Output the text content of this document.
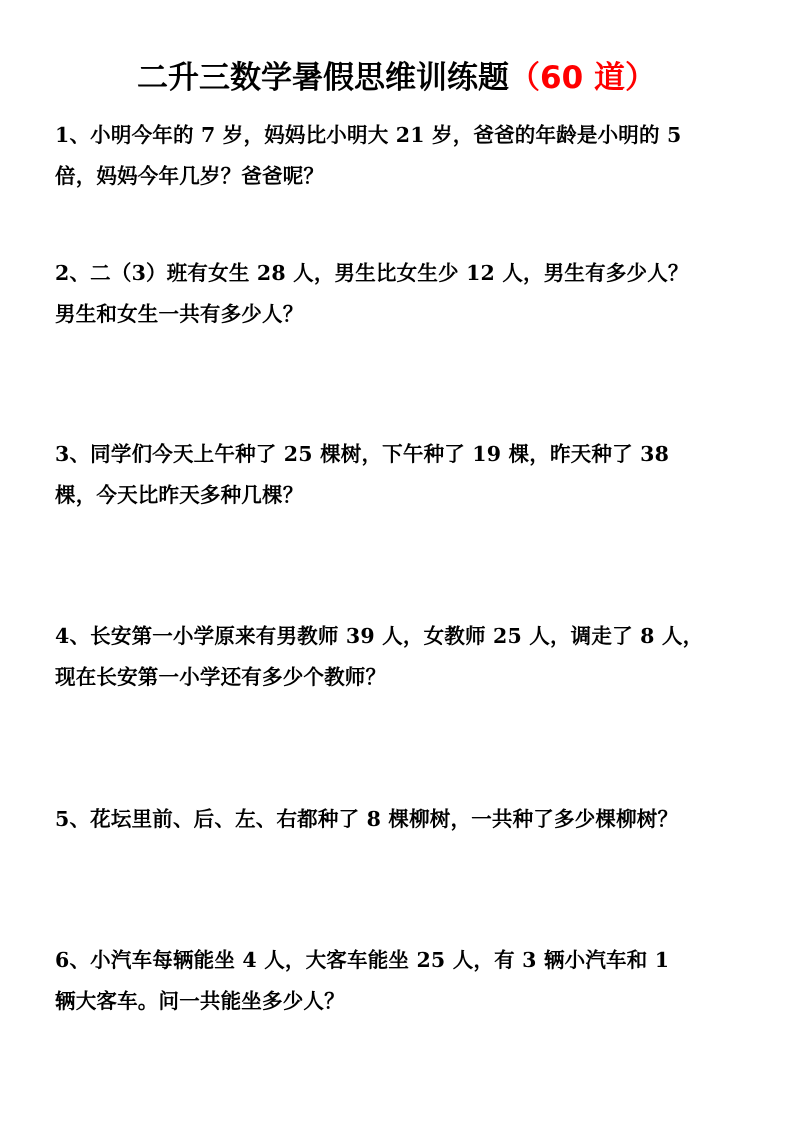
二升三数学暑假思维训练题（60 道）
1、小明今年的 7 岁，妈妈比小明大 21 岁，爸爸的年龄是小明的 5
倍，妈妈今年几岁？爸爸呢？
2、二（3）班有女生 28 人，男生比女生少 12 人，男生有多少人？
男生和女生一共有多少人？
3、同学们今天上午种了 25 棵树，下午种了 19 棵，昨天种了 38
棵，今天比昨天多种几棵？
4、长安第一小学原来有男教师 39 人，女教师 25 人，调走了 8 人，
现在长安第一小学还有多少个教师？
5、花坛里前、后、左、右都种了 8 棵柳树，一共种了多少棵柳树？
6、小汽车每辆能坐 4 人，大客车能坐 25 人，有 3 辆小汽车和 1
辆大客车。问一共能坐多少人？
